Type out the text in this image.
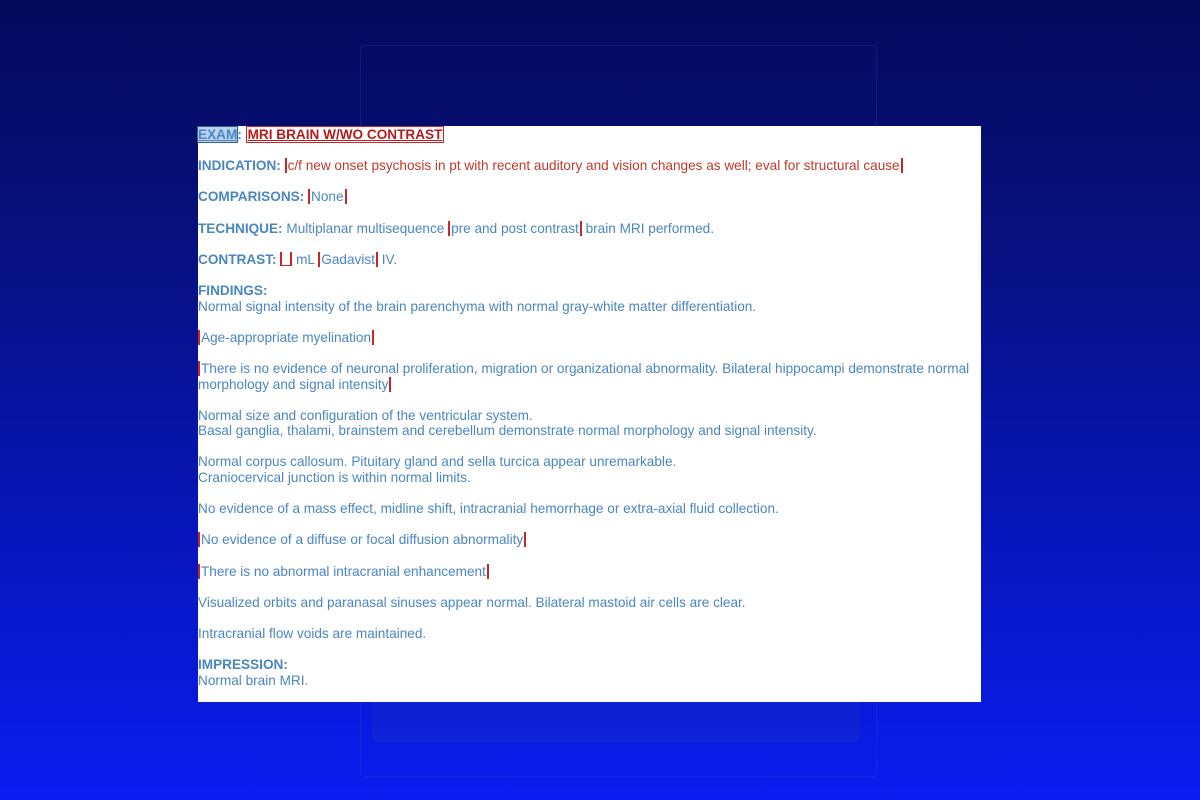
EXAM: MRI BRAIN W/WO CONTRAST

INDICATION: c/f new onset psychosis in pt with recent auditory and vision changes as well; eval for structural cause

COMPARISONS: None

TECHNIQUE: Multiplanar multisequence pre and post contrast brain MRI performed.

CONTRAST: mL Gadavist IV.

FINDINGS:
Normal signal intensity of the brain parenchyma with normal gray-white matter differentiation.

Age-appropriate myelination

There is no evidence of neuronal proliferation, migration or organizational abnormality. Bilateral hippocampi demonstrate normal morphology and signal intensity

Normal size and configuration of the ventricular system.
Basal ganglia, thalami, brainstem and cerebellum demonstrate normal morphology and signal intensity.

Normal corpus callosum. Pituitary gland and sella turcica appear unremarkable.
Craniocervical junction is within normal limits.

No evidence of a mass effect, midline shift, intracranial hemorrhage or extra-axial fluid collection.

No evidence of a diffuse or focal diffusion abnormality

There is no abnormal intracranial enhancement

Visualized orbits and paranasal sinuses appear normal. Bilateral mastoid air cells are clear.

Intracranial flow voids are maintained.

IMPRESSION:
Normal brain MRI.
